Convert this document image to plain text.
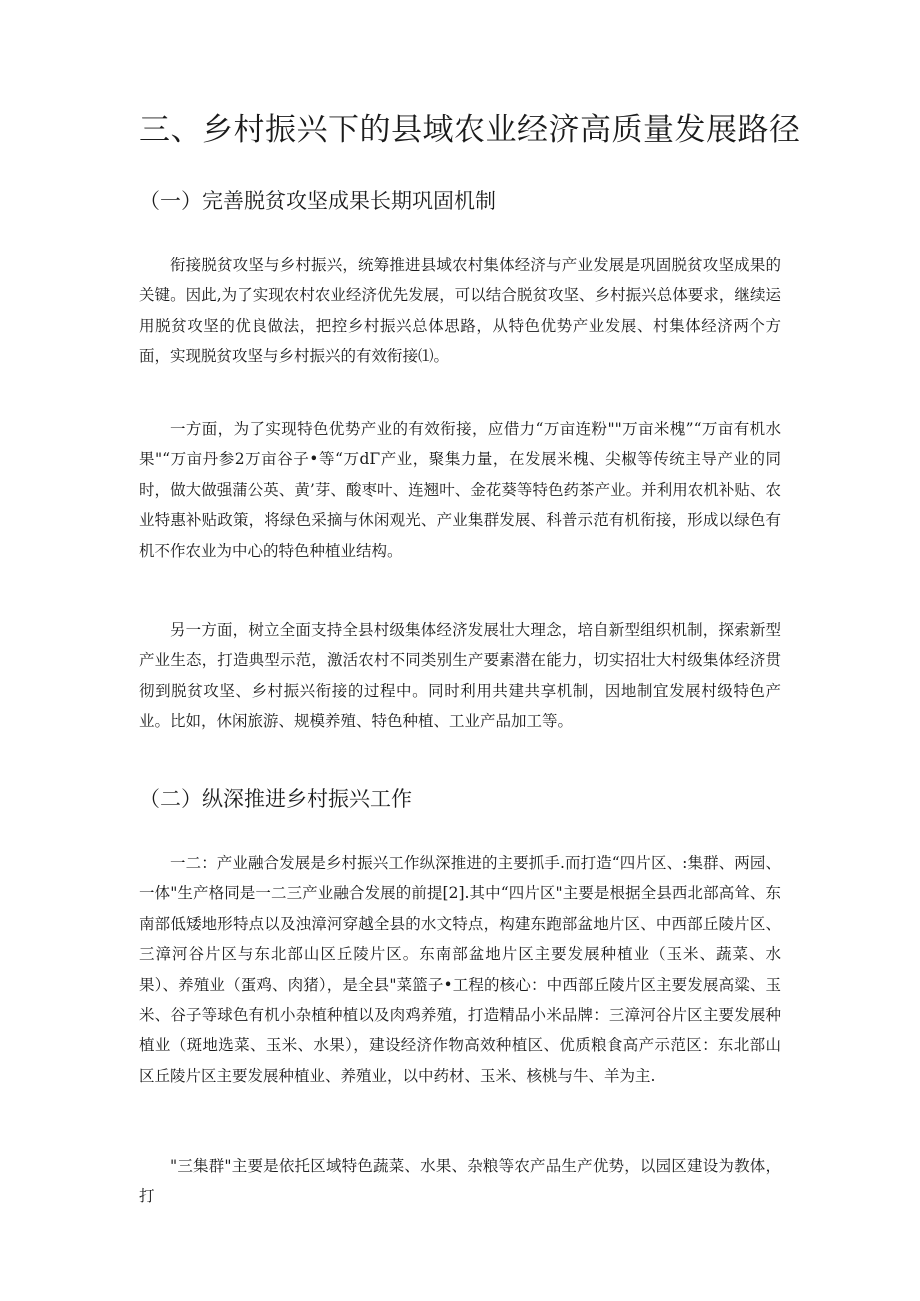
三、乡村振兴下的县域农业经济高质量发展路径
（一）完善脱贫攻坚成果长期巩固机制

衔接脱贫攻坚与乡村振兴，统筹推进县域农村集体经济与产业发展是巩固脱贫攻坚成果的关键。因此,为了实现农村农业经济优先发展，可以结合脱贫攻坚、乡村振兴总体要求，继续运用脱贫攻坚的优良做法，把控乡村振兴总体思路，从特色优势产业发展、村集体经济两个方面，实现脱贫攻坚与乡村振兴的有效衔接⑴。

一方面，为了实现特色优势产业的有效衔接，应借力“万亩连粉""万亩米槐”“万亩有机水果"“万亩丹参2万亩谷子•等“万dΓ产业，聚集力量，在发展米槐、尖椒等传统主导产业的同时，做大做强蒲公英、黄’芽、酸枣叶、连翘叶、金花葵等特色药茶产业。并利用农机补贴、农业特惠补贴政策，将绿色采摘与休闲观光、产业集群发展、科普示范有机衔接，形成以绿色有机不作农业为中心的特色种植业结构。

另一方面，树立全面支持全县村级集体经济发展壮大理念，培自新型组织机制，探索新型产业生态，打造典型示范，激活农村不同类别生产要素潜在能力，切实招壮大村级集体经济贯彻到脱贫攻坚、乡村振兴衔接的过程中。同时利用共建共享机制，因地制宜发展村级特色产业。比如，休闲旅游、规模养殖、特色种植、工业产品加工等。

（二）纵深推进乡村振兴工作

一二：产业融合发展是乡村振兴工作纵深推进的主要抓手.而打造“四片区、:集群、两园、一体"生产格同是一二三产业融合发展的前提[2].其中“四片区"主要是根据全县西北部高耸、东南部低矮地形特点以及浊漳河穿越全县的水文特点，构建东跑部盆地片区、中西部丘陵片区、三漳河谷片区与东北部山区丘陵片区。东南部盆地片区主要发展种植业（玉米、蔬菜、水果）、养殖业（蛋鸡、肉猪），是全县"菜篮子•工程的核心：中西部丘陵片区主要发展高粱、玉米、谷子等球色有机小杂植种植以及肉鸡养殖，打造精品小米品牌：三漳河谷片区主要发展种植业（斑地选菜、玉米、水果），建设经济作物高效种植区、优质粮食高产示范区：东北部山区丘陵片区主要发展种植业、养殖业，以中药材、玉米、核桃与牛、羊为主.

"三集群"主要是依托区域特色蔬菜、水果、杂粮等农产品生产优势，以园区建设为教体，打
